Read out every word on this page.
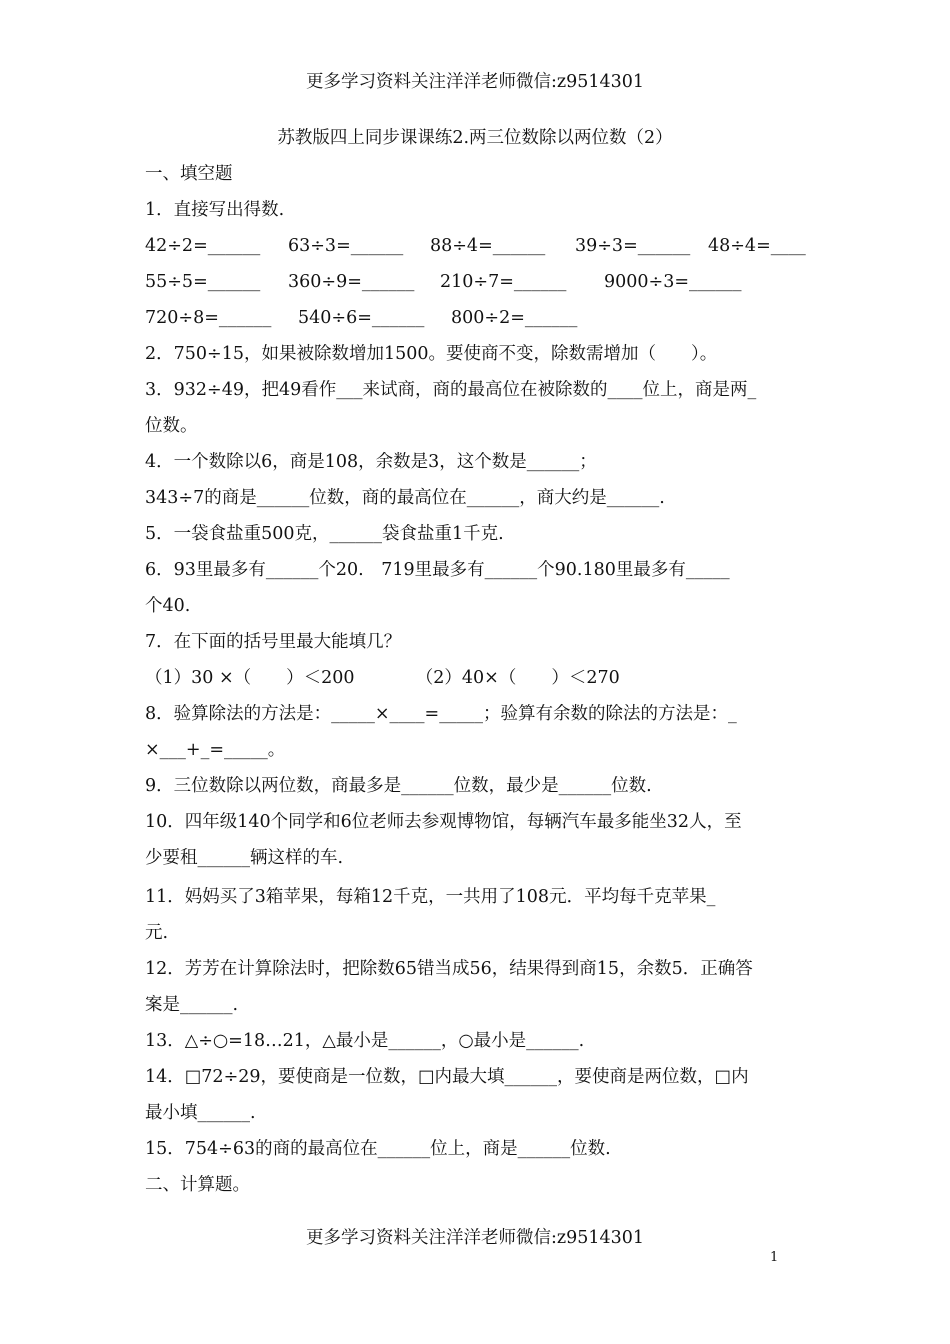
更多学习资料关注洋洋老师微信:z9514301
苏教版四上同步课课练2.两三位数除以两位数（2）
一、填空题
1．直接写出得数.

42÷2=______

63÷3=______

88÷4=______

39÷3=______

48÷4=____

55÷5=______

360÷9=______

210÷7=______

9000÷3=______

720÷8=______

540÷6=______

800÷2=______

2．750÷15，如果被除数增加1500。要使商不变，除数需增加（　　）。
3．932÷49，把49看作___来试商，商的最高位在被除数的____位上，商是两_
位数。
4．一个数除以6，商是108，余数是3，这个数是______；
343÷7的商是______位数，商的最高位在______，商大约是______.
5．一袋食盐重500克，______袋食盐重1千克.
6．93里最多有______个20.　719里最多有______个90.180里最多有_____
个40.
7．在下面的括号里最大能填几？
（1）30 ×（　　）＜200　　　　（2）40×（　　）＜270
8．验算除法的方法是：_____×____=_____；验算有余数的除法的方法是：_
×___+_=_____。
9．三位数除以两位数，商最多是______位数，最少是______位数.
10．四年级140个同学和6位老师去参观博物馆，每辆汽车最多能坐32人，至
少要租______辆这样的车.
11．妈妈买了3箱苹果，每箱12千克，一共用了108元．平均每千克苹果_
元.
12．芳芳在计算除法时，把除数65错当成56，结果得到商15，余数5．正确答
案是______.
13．△÷○=18…21，△最小是______，○最小是______.
14．□72÷29，要使商是一位数，□内最大填______，要使商是两位数，□内
最小填______.
15．754÷63的商的最高位在______位上，商是______位数.
二、计算题。
更多学习资料关注洋洋老师微信:z9514301
1
